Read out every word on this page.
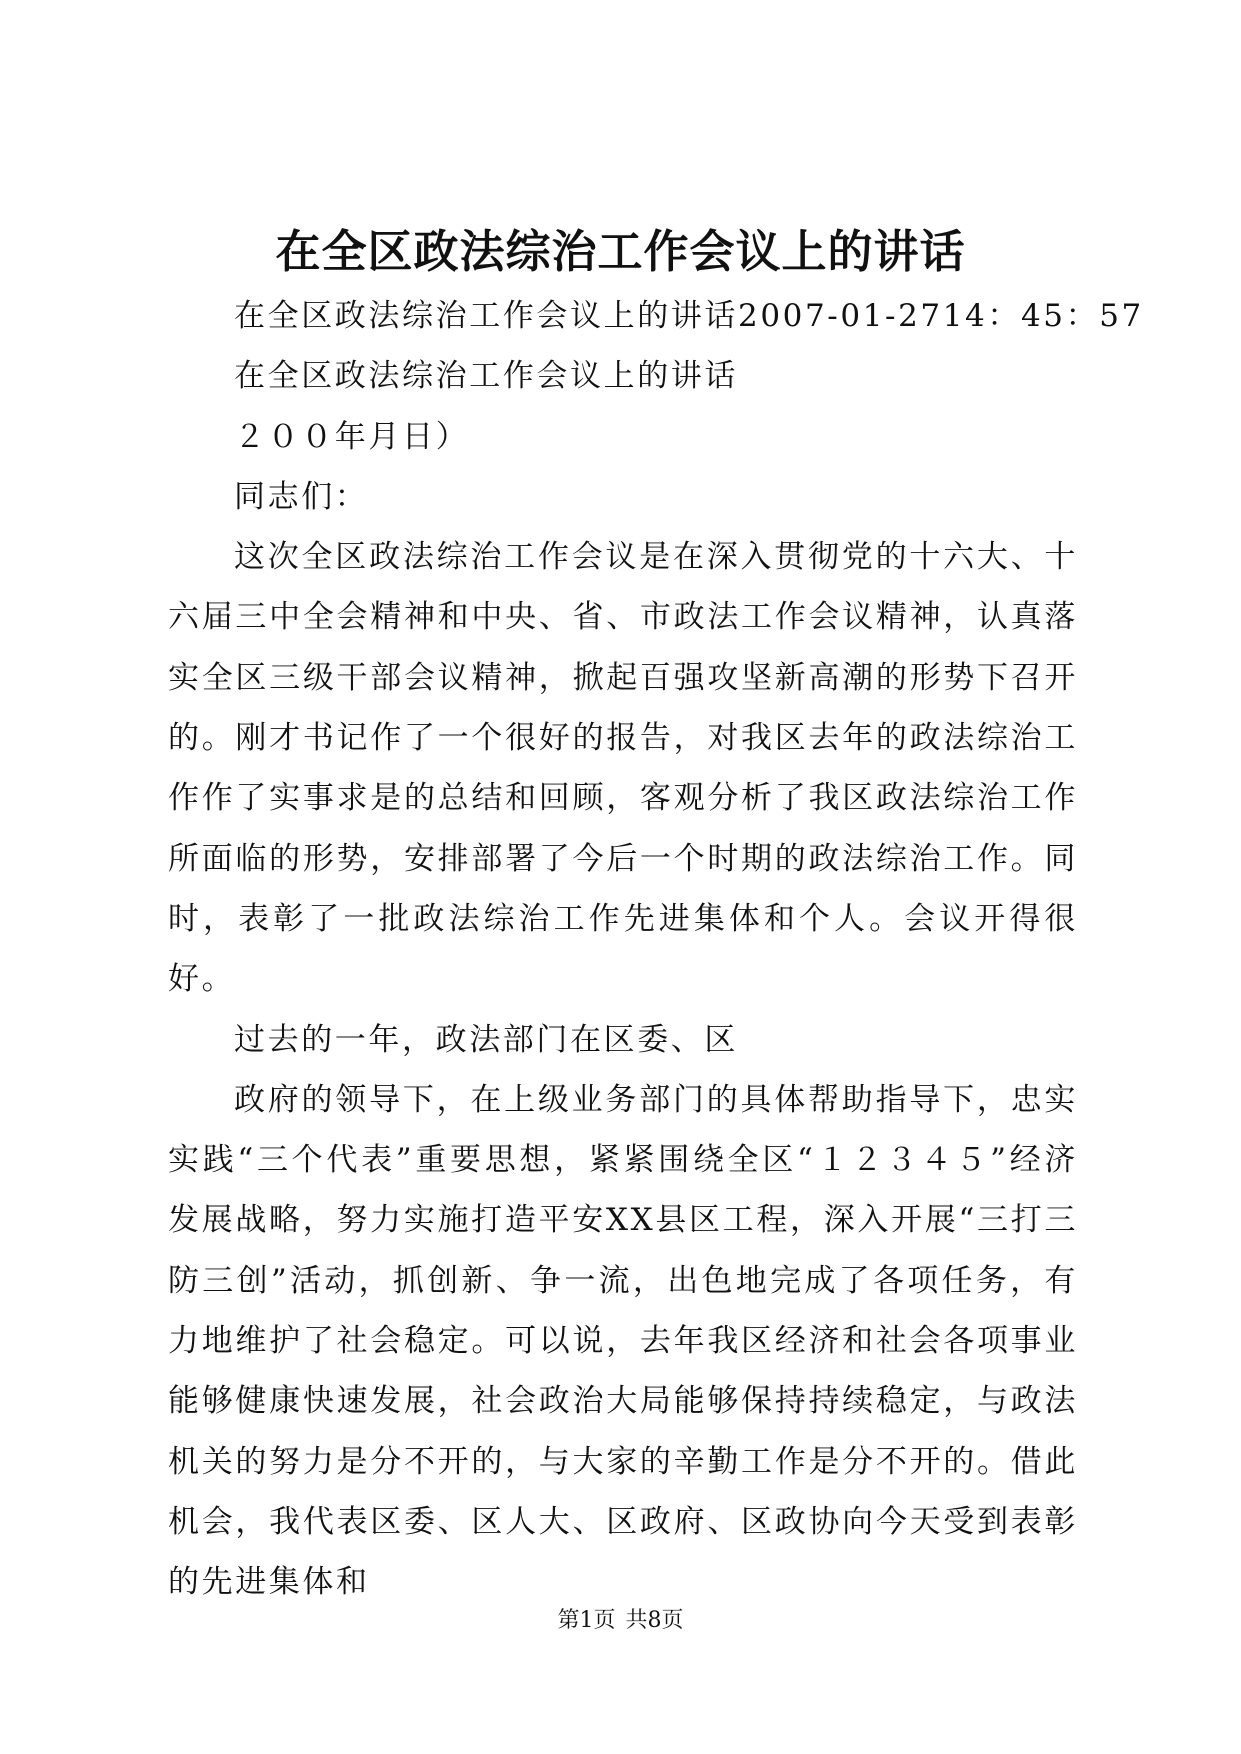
在全区政法综治工作会议上的讲话

在全区政法综治工作会议上的讲话2007-01-2714：45：57

在全区政法综治工作会议上的讲话

２００年月日）

同志们：

这次全区政法综治工作会议是在深入贯彻党的十六大、十六届三中全会精神和中央、省、市政法工作会议精神，认真落实全区三级干部会议精神，掀起百强攻坚新高潮的形势下召开的。刚才书记作了一个很好的报告，对我区去年的政法综治工作作了实事求是的总结和回顾，客观分析了我区政法综治工作所面临的形势，安排部署了今后一个时期的政法综治工作。同时，表彰了一批政法综治工作先进集体和个人。会议开得很好。

过去的一年，政法部门在区委、区

政府的领导下，在上级业务部门的具体帮助指导下，忠实实践“三个代表”重要思想，紧紧围绕全区“１２３４５”经济发展战略，努力实施打造平安XX县区工程，深入开展“三打三防三创”活动，抓创新、争一流，出色地完成了各项任务，有力地维护了社会稳定。可以说，去年我区经济和社会各项事业能够健康快速发展，社会政治大局能够保持持续稳定，与政法机关的努力是分不开的，与大家的辛勤工作是分不开的。借此机会，我代表区委、区人大、区政府、区政协向今天受到表彰的先进集体和

第1页 共8页
